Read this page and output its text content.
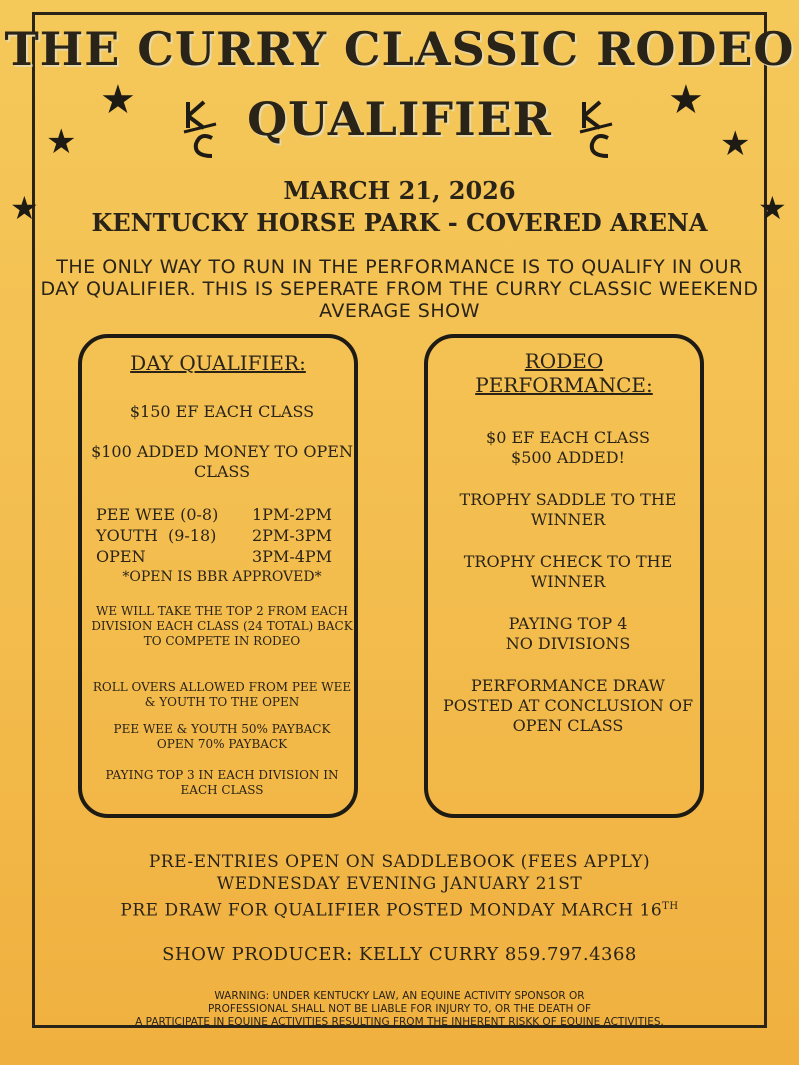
★
★
★
★
★
★
THE CURRY CLASSIC RODEO
QUALIFIER
MARCH 21, 2026
KENTUCKY HORSE PARK - COVERED ARENA
THE ONLY WAY TO RUN IN THE PERFORMANCE IS TO QUALIFY IN OUR DAY QUALIFIER. THIS IS SEPERATE FROM THE CURRY CLASSIC WEEKEND AVERAGE SHOW
DAY QUALIFIER:
$150 EF EACH CLASS
$100 ADDED MONEY TO OPEN CLASS
PEE WEE (0-8) 1PM-2PM
YOUTH  (9-18) 2PM-3PM
OPEN	3PM-4PM
*OPEN IS BBR APPROVED*
WE WILL TAKE THE TOP 2 FROM EACH DIVISION EACH CLASS (24 TOTAL) BACK TO COMPETE IN RODEO
ROLL OVERS ALLOWED FROM PEE WEE & YOUTH TO THE OPEN
PEE WEE & YOUTH 50% PAYBACK
OPEN 70% PAYBACK
PAYING TOP 3 IN EACH DIVISION IN EACH CLASS
RODEO
PERFORMANCE:
$0 EF EACH CLASS
$500 ADDED!
TROPHY SADDLE TO THE WINNER
TROPHY CHECK TO THE WINNER
PAYING TOP 4
NO DIVISIONS
PERFORMANCE DRAW POSTED AT CONCLUSION OF OPEN CLASS
PRE-ENTRIES OPEN ON SADDLEBOOK (FEES APPLY)
WEDNESDAY EVENING JANUARY 21ST
PRE DRAW FOR QUALIFIER POSTED MONDAY MARCH 16TH
SHOW PRODUCER: KELLY CURRY 859.797.4368
WARNING: UNDER KENTUCKY LAW, AN EQUINE ACTIVITY SPONSOR OR
PROFESSIONAL SHALL NOT BE LIABLE FOR INJURY TO, OR THE DEATH OF
A PARTICIPATE IN EQUINE ACTIVITIES RESULTING FROM THE INHERENT RISKK OF EQUINE ACTIVITIES.
